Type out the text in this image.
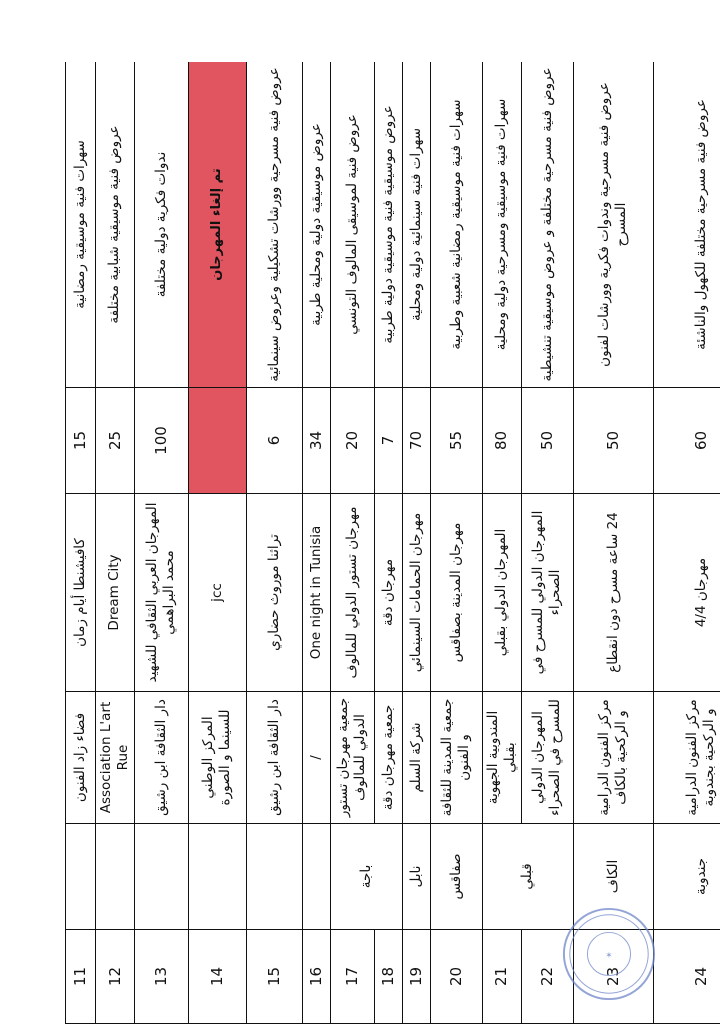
11		فضاء زاد الفنون	كافيشنطا أيام زمان	15	سهرات فنية موسيقية رمضانية
12		Association L'art Rue	Dream City	25	عروض فنية موسيقية شبابية مختلفة
13		دار الثقافة ابن رشيق	المهرجان العربي الثقافي للشهيد محمد البراهمي	100	ندوات فكرية دولية مختلفة
14		المركز الوطني للسينما و الصورة	jcc		تم إلغاء المهرجان
15		دار الثقافة ابن رشيق	تراثنا موروث حضاري	6	عروض فنية مسرحية وورشات تشكيلية وعروض سينمائية
16		/	One night in Tunisia	34	عروض موسيقية دولية ومحلية طربية
17	باجة	جمعية مهرجان تستور الدولي للمالوف	مهرجان تستور الدولي للمالوف	20	عروض فنية لموسيقى المالوف التونسي
18		جمعية مهرجان دقة	مهرجان دقة	7	عروض موسيقية فنية موسيقية دولية طربية
19	نابل	شركة السلم	مهرجان الحمامات السينمائي	70	سهرات فنية سينمائية دولية ومحلية
20	صفاقس	جمعية المدينة للثقافة و الفنون	مهرجان المدينة بصفاقس	55	سهرات فنية موسيقية رمضانية شعبية وطربية
21	قبلي	المندوبية الجهوية بقبلي	المهرجان الدولي بقبلي	80	سهرات فنية موسيقية ومسرحية دولية ومحلية
22		المهرجان الدولي للمسرح في الصحراء	المهرجان الدولي للمسرح في الصحراء	50	عروض فنية مسرحية مختلفة و عروض موسيقية تنشيطية
23	الكاف	مركز الفنون الدرامية و الركحية بالكاف	24 ساعة مسرح دون انقطاع	50	عروض فنية مسرحية وندوات فكرية وورشات لفنون المسرح
24	جندوبة	مركز الفنون الدرامية و الركحية بجندوبة	مهرجان 4/4	60	عروض فنية مسرحية مختلفة للكهول والناشئة
✶
